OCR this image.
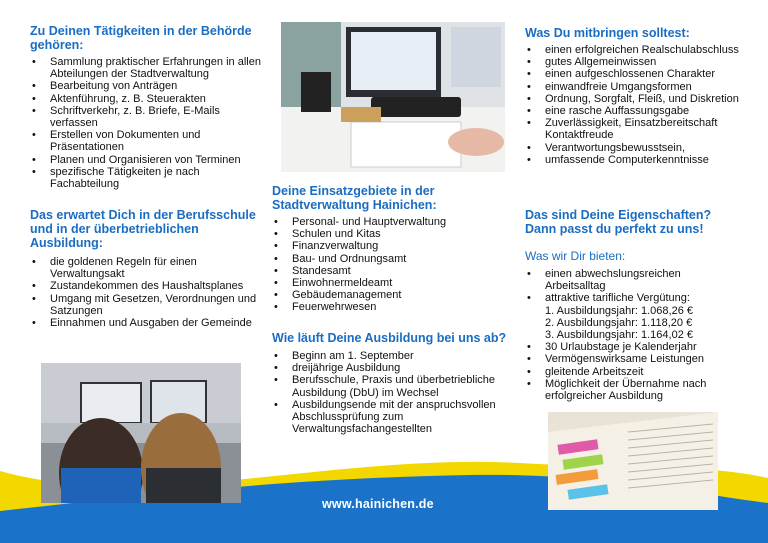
Zu Deinen Tätigkeiten in der Behörde gehören:
• Sammlung praktischer Erfahrungen in allen Abteilungen der Stadtverwaltung
• Bearbeitung von Anträgen
• Aktenführung, z. B. Steuerakten
• Schriftverkehr, z. B. Briefe, E-Mails verfassen
• Erstellen von Dokumenten und Präsentationen
• Planen und Organisieren von Terminen
• spezifische Tätigkeiten je nach Fachabteilung
Das erwartet Dich in der Berufsschule und in der überbetrieblichen Ausbildung:
• die goldenen Regeln für einen Verwaltungsakt
• Zustandekommen des Haushaltsplanes
• Umgang mit Gesetzen, Verordnungen und Satzungen
• Einnahmen und Ausgaben der Gemeinde
Deine Einsatzgebiete in der Stadtverwaltung Hainichen:
• Personal- und Hauptverwaltung
• Schulen und Kitas
• Finanzverwaltung
• Bau- und Ordnungsamt
• Standesamt
• Einwohnermeldeamt
• Gebäudemanagement
• Feuerwehrwesen
Wie läuft Deine Ausbildung bei uns ab?
• Beginn am 1. September
• dreijährige Ausbildung
• Berufsschule, Praxis und überbetriebliche Ausbildung (DbU) im Wechsel
• Ausbildungsende mit der anspruchsvollen Abschlussprüfung zum Verwaltungsfachangestellten
www.hainichen.de
Was Du mitbringen solltest:
• einen erfolgreichen Realschulabschluss
• gutes Allgemeinwissen
• einen aufgeschlossenen Charakter
• einwandfreie Umgangsformen
• Ordnung, Sorgfalt, Fleiß, und Diskretion
• eine rasche Auffassungsgabe
• Zuverlässigkeit, Einsatzbereitschaft Kontaktfreude
• Verantwortungsbewusstsein,
• umfassende Computerkenntnisse
Das sind Deine Eigenschaften? Dann passt du perfekt zu uns!
Was wir Dir bieten:
• einen abwechslungsreichen Arbeitsalltag
• attraktive tarifliche Vergütung:
1. Ausbildungsjahr: 1.068,26 €
2. Ausbildungsjahr: 1.118,20 €
3. Ausbildungsjahr: 1.164,02 €
• 30 Urlaubstage je Kalenderjahr
• Vermögenswirksame Leistungen
• gleitende Arbeitszeit
• Möglichkeit der Übernahme nach erfolgreicher Ausbildung
